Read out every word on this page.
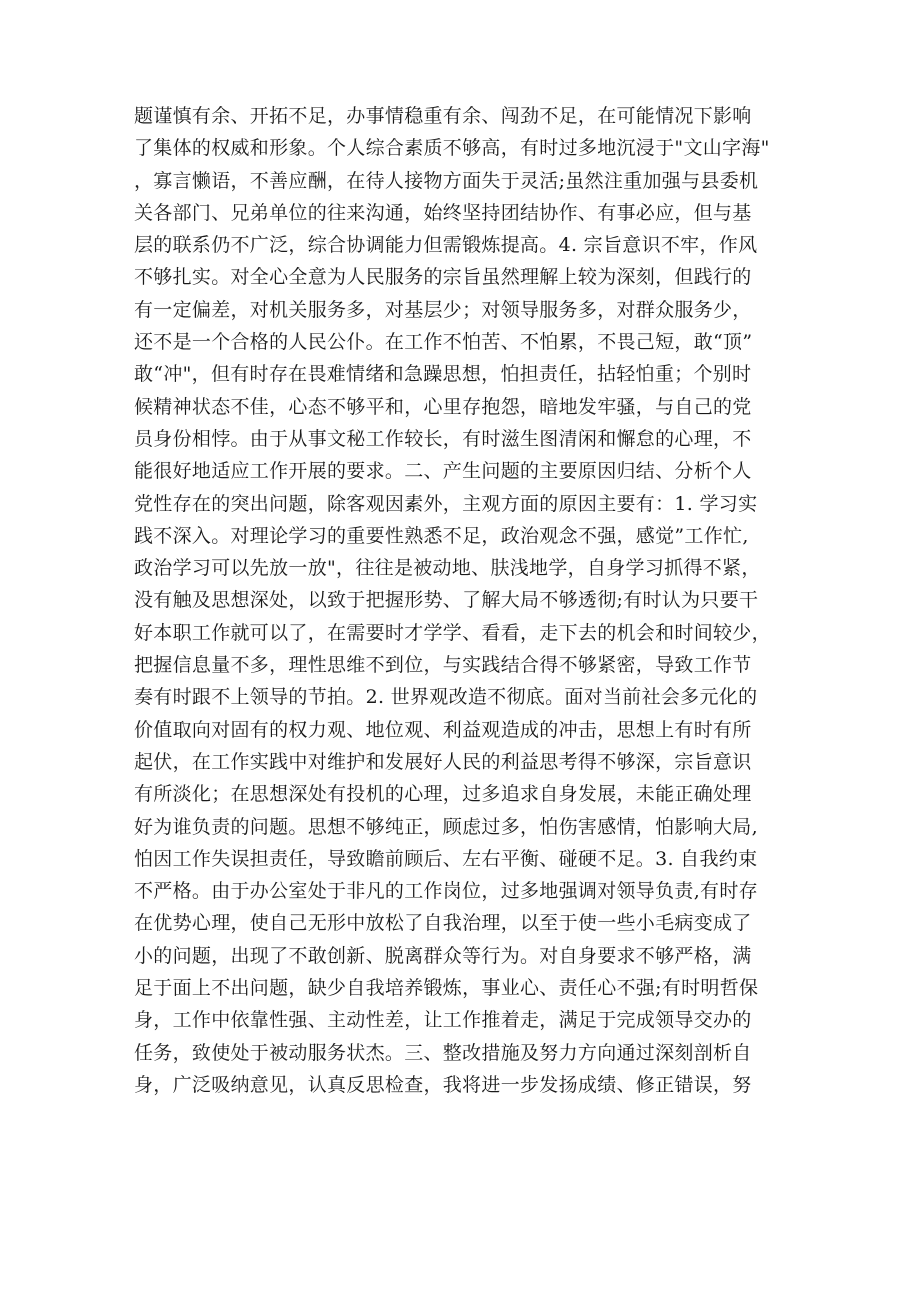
题谨慎有余、开拓不足，办事情稳重有余、闯劲不足，在可能情况下影响
了集体的权威和形象。个人综合素质不够高，有时过多地沉浸于"文山字海"
，寡言懒语，不善应酬，在待人接物方面失于灵活;虽然注重加强与县委机
关各部门、兄弟单位的往来沟通，始终坚持团结协作、有事必应，但与基
层的联系仍不广泛，综合协调能力但需锻炼提高。4. 宗旨意识不牢，作风
不够扎实。对全心全意为人民服务的宗旨虽然理解上较为深刻，但践行的
有一定偏差，对机关服务多，对基层少；对领导服务多，对群众服务少，
还不是一个合格的人民公仆。在工作不怕苦、不怕累，不畏己短，敢“顶”
敢“冲"，但有时存在畏难情绪和急躁思想，怕担责任，拈轻怕重；个别时
候精神状态不佳，心态不够平和，心里存抱怨，暗地发牢骚，与自己的党
员身份相悖。由于从事文秘工作较长，有时滋生图清闲和懈怠的心理，不
能很好地适应工作开展的要求。二、产生问题的主要原因归结、分析个人
党性存在的突出问题，除客观因素外，主观方面的原因主要有：1. 学习实
践不深入。对理论学习的重要性熟悉不足，政治观念不强，感觉”工作忙,
政治学习可以先放一放"，往往是被动地、肤浅地学，自身学习抓得不紧，
没有触及思想深处，以致于把握形势、了解大局不够透彻;有时认为只要干
好本职工作就可以了，在需要时才学学、看看，走下去的机会和时间较少，
把握信息量不多，理性思维不到位，与实践结合得不够紧密，导致工作节
奏有时跟不上领导的节拍。2. 世界观改造不彻底。面对当前社会多元化的
价值取向对固有的权力观、地位观、利益观造成的冲击，思想上有时有所
起伏，在工作实践中对维护和发展好人民的利益思考得不够深，宗旨意识
有所淡化；在思想深处有投机的心理，过多追求自身发展，未能正确处理
好为谁负责的问题。思想不够纯正，顾虑过多，怕伤害感情，怕影响大局,
怕因工作失误担责任，导致瞻前顾后、左右平衡、碰硬不足。3. 自我约束
不严格。由于办公室处于非凡的工作岗位，过多地强调对领导负责,有时存
在优势心理，使自己无形中放松了自我治理，以至于使一些小毛病变成了
小的问题，出现了不敢创新、脱离群众等行为。对自身要求不够严格，满
足于面上不出问题，缺少自我培养锻炼，事业心、责任心不强;有时明哲保
身，工作中依靠性强、主动性差，让工作推着走，满足于完成领导交办的
任务，致使处于被动服务状杰。三、整改措施及努力方向通过深刻剖析自
身，广泛吸纳意见，认真反思检查，我将进一步发扬成绩、修正错误，努
